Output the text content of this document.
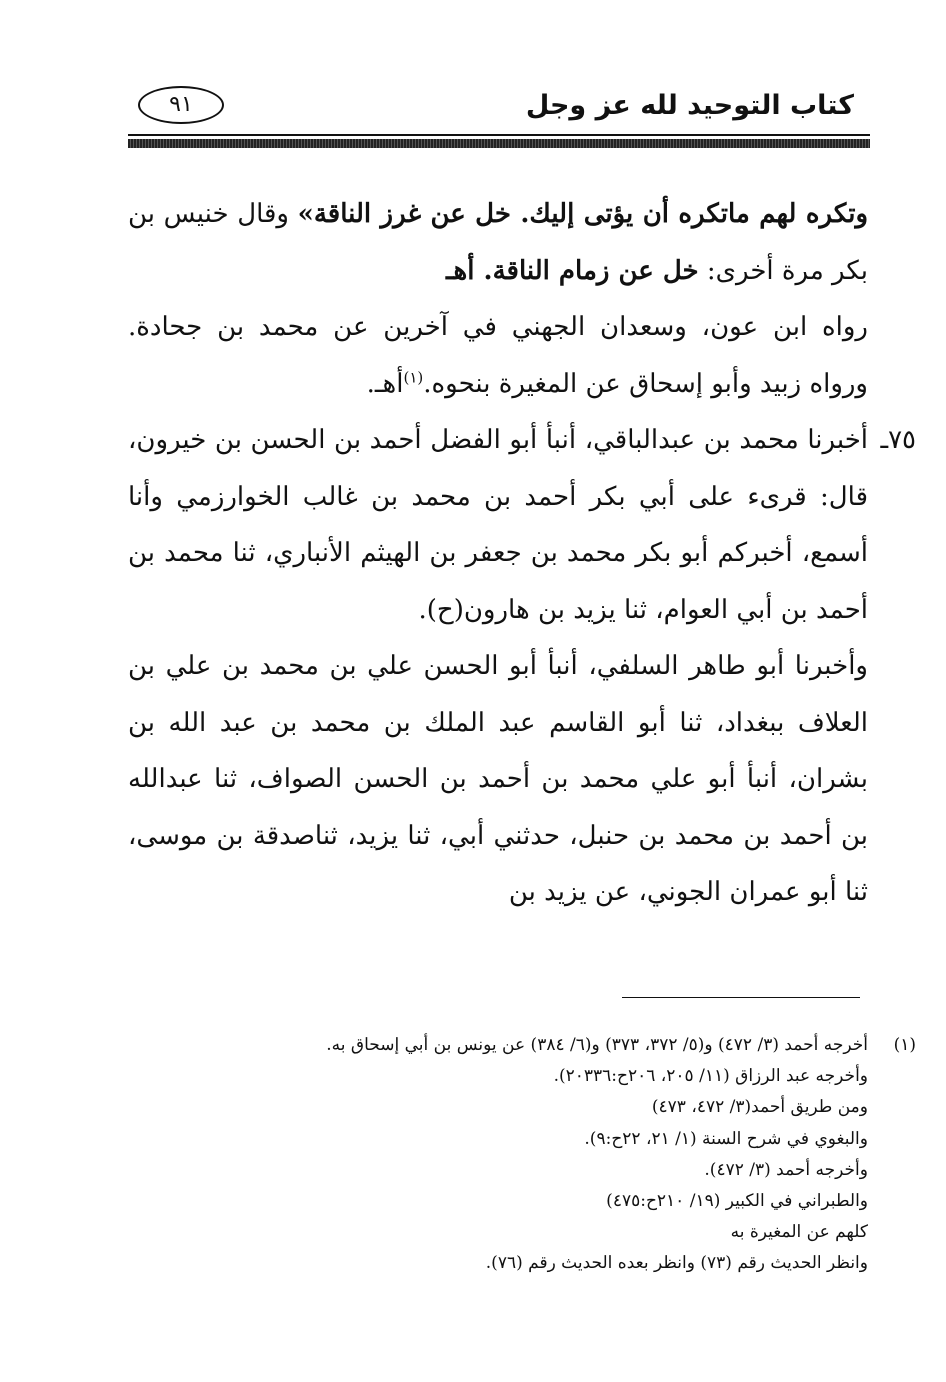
كتاب التوحيد لله عز وجل
٩١

وتكره لهم ماتكره أن يؤتى إليك. خل عن غرز الناقة» وقال خنيس بن بكر مرة أخرى: خل عن زمام الناقة. أهـ

رواه ابن عون، وسعدان الجهني في آخرين عن محمد بن جحادة. ورواه زبيد وأبو إسحاق عن المغيرة بنحوه.$^{(١)}$أهـ.

٧٥ـ
أخبرنا محمد بن عبدالباقي، أنبأ أبو الفضل أحمد بن الحسن بن خيرون، قال: قرىء على أبي بكر أحمد بن محمد بن غالب الخوارزمي وأنا أسمع، أخبركم أبو بكر محمد بن جعفر بن الهيثم الأنباري، ثنا محمد بن أحمد بن أبي العوام، ثنا يزيد بن هارون(ح).

وأخبرنا أبو طاهر السلفي، أنبأ أبو الحسن علي بن محمد بن علي بن العلاف ببغداد، ثنا أبو القاسم عبد الملك بن محمد بن عبد الله بن بشران، أنبأ أبو علي محمد بن أحمد بن الحسن الصواف، ثنا عبدالله بن أحمد بن محمد بن حنبل، حدثني أبي، ثنا يزيد، ثناصدقة بن موسى، ثنا أبو عمران الجوني، عن يزيد بن

(١)
أخرجه أحمد (٣/ ٤٧٢) و(٥/ ٣٧٢، ٣٧٣) و(٦/ ٣٨٤) عن يونس بن أبي إسحاق به.
وأخرجه عبد الرزاق (١١/ ٢٠٥، ٢٠٦ح:٢٠٣٣٦).
ومن طريق أحمد(٣/ ٤٧٢، ٤٧٣)
والبغوي في شرح السنة (١/ ٢١، ٢٢ح:٩).
وأخرجه أحمد (٣/ ٤٧٢).
والطبراني في الكبير (١٩/ ٢١٠ح:٤٧٥)
كلهم عن المغيرة به
وانظر الحديث رقم (٧٣) وانظر بعده الحديث رقم (٧٦).
